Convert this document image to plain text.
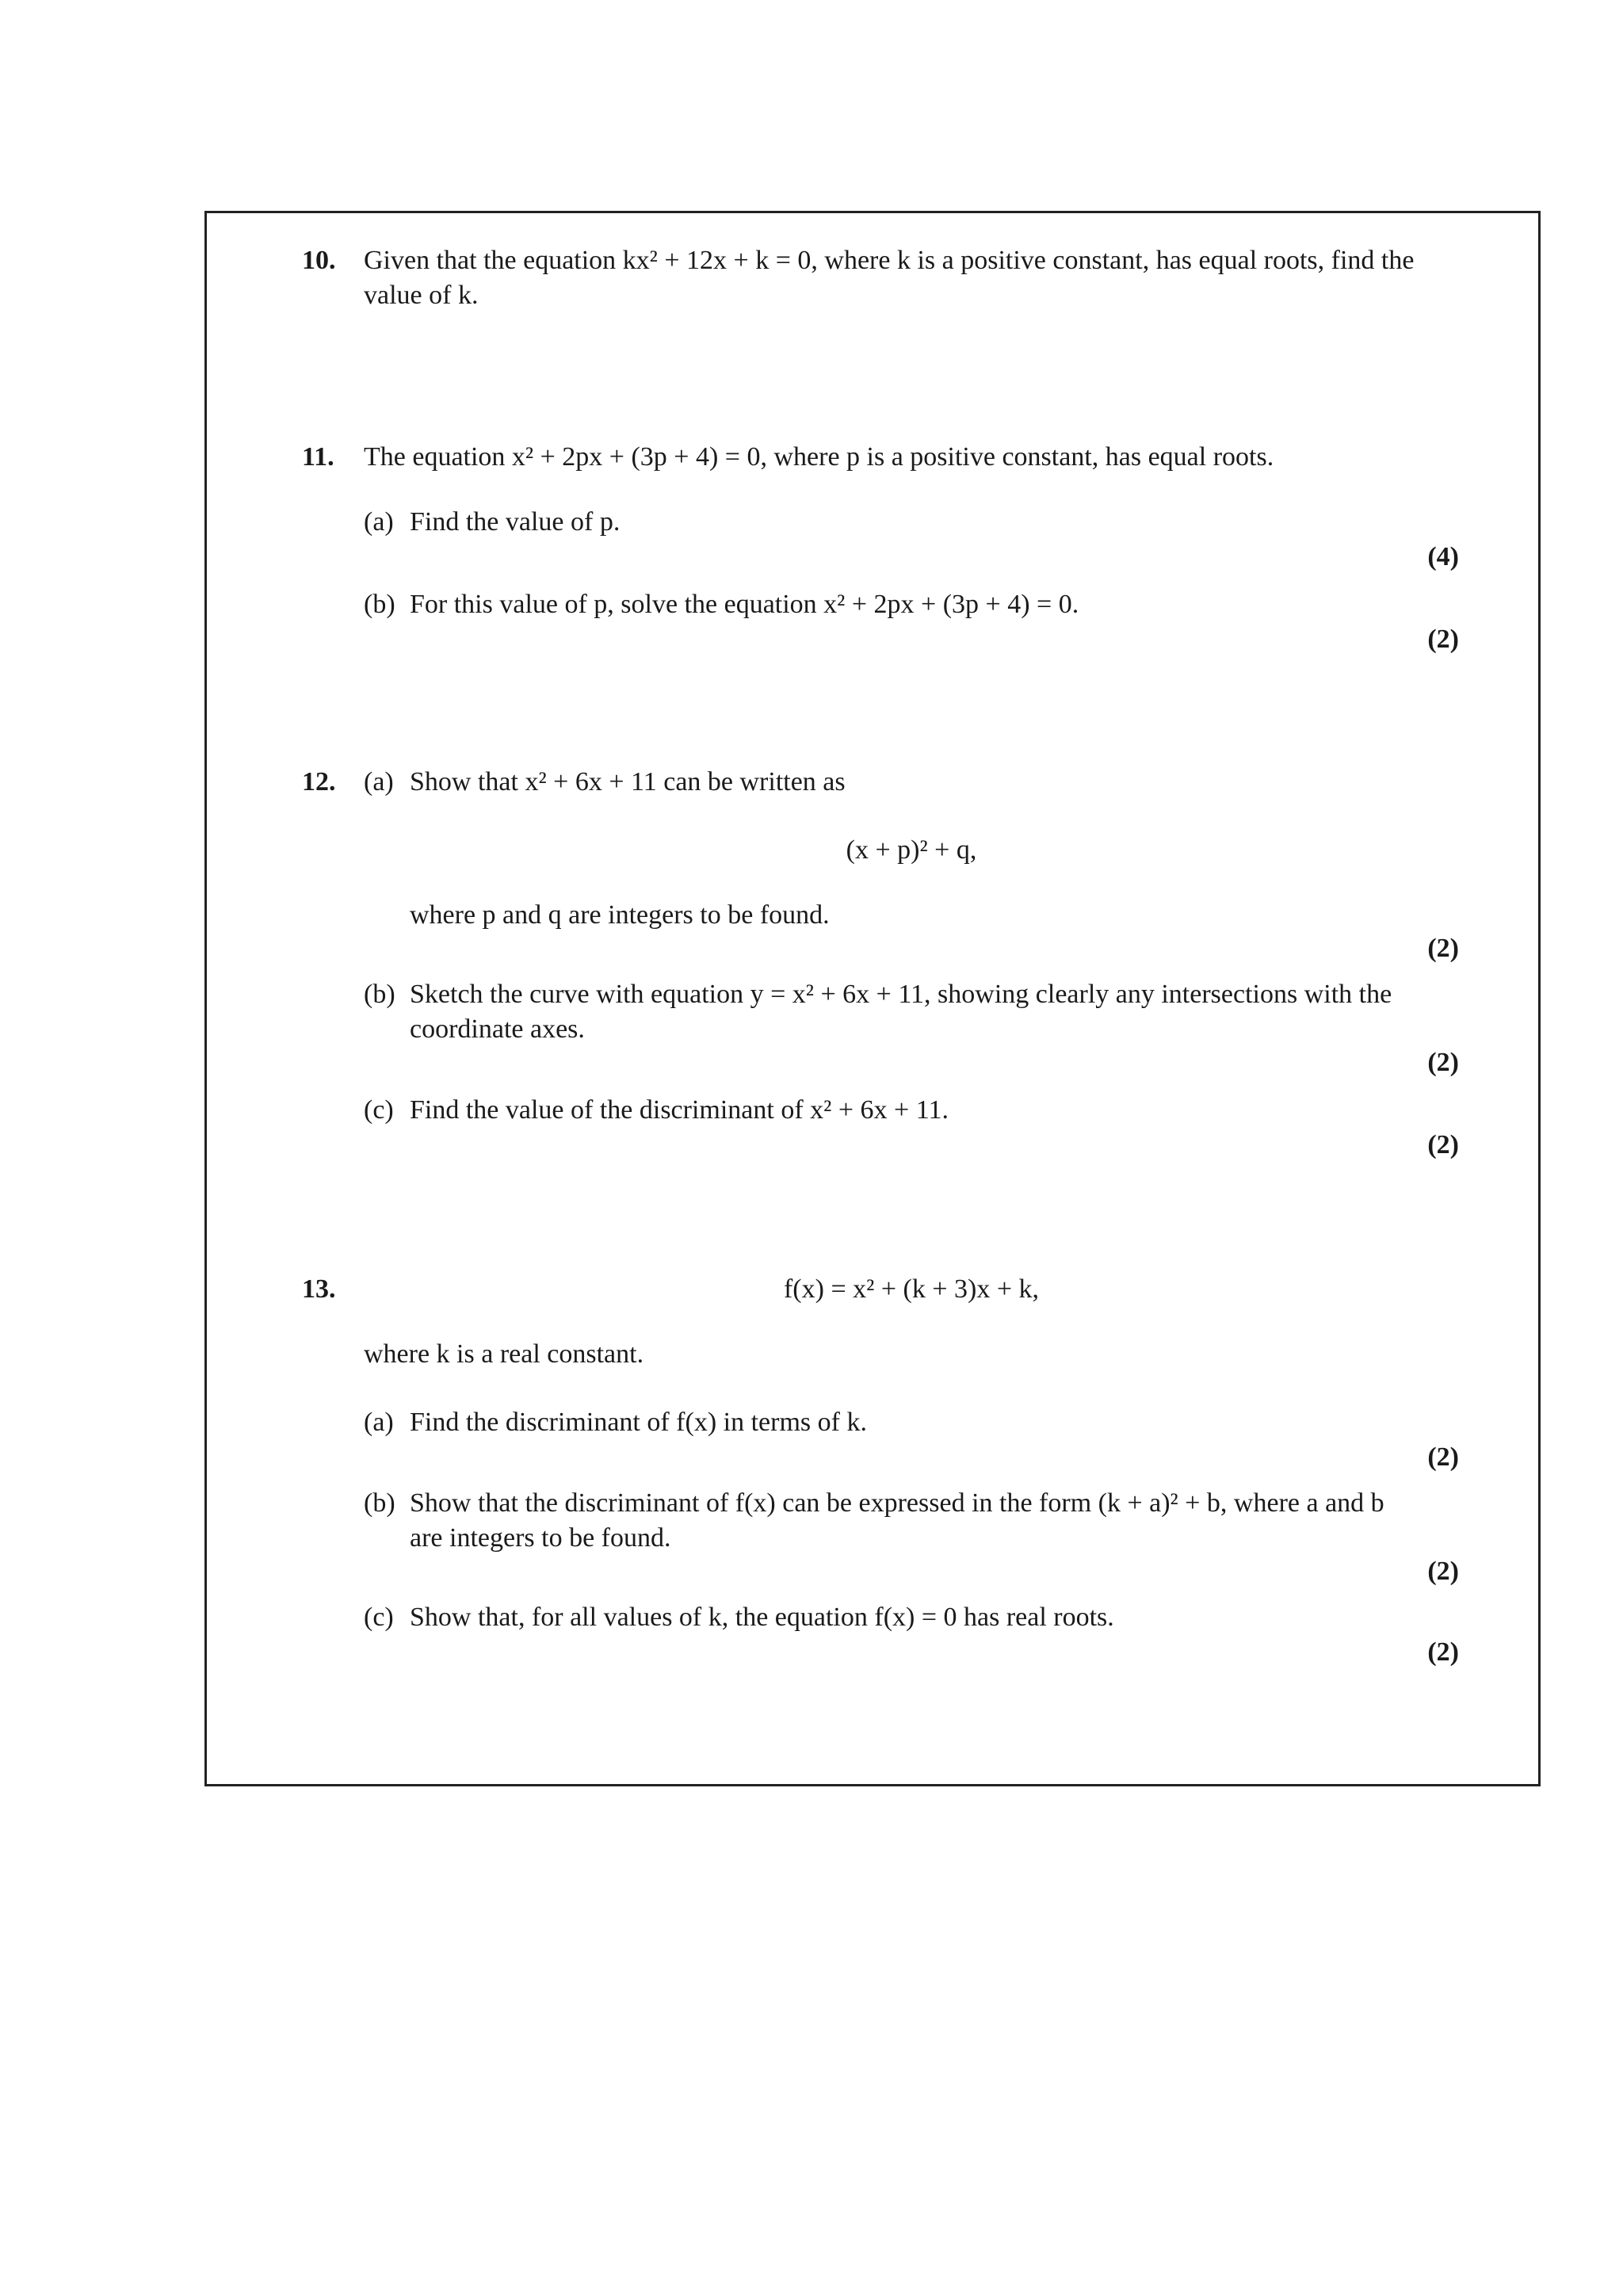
10.	Given that the equation kx² + 12x + k = 0, where k is a positive constant, has equal roots, find the
value of k.
11.	The equation x² + 2px + (3p + 4) = 0, where p is a positive constant, has equal roots.
(a) Find the value of p.
(4)
(b) For this value of p, solve the equation x² + 2px + (3p + 4) = 0.
(2)
12.	(a) Show that x² + 6x + 11 can be written as
(x + p)² + q,
where p and q are integers to be found.
(2)
(b) Sketch the curve with equation y = x² + 6x + 11, showing clearly any intersections with the
coordinate axes.
(2)
(c) Find the value of the discriminant of x² + 6x + 11.
(2)
13.	f(x) = x² + (k + 3)x + k,
where k is a real constant.
(a) Find the discriminant of f(x) in terms of k.
(2)
(b) Show that the discriminant of f(x) can be expressed in the form (k + a)² + b, where a and b
are integers to be found.
(2)
(c) Show that, for all values of k, the equation f(x) = 0 has real roots.
(2)
